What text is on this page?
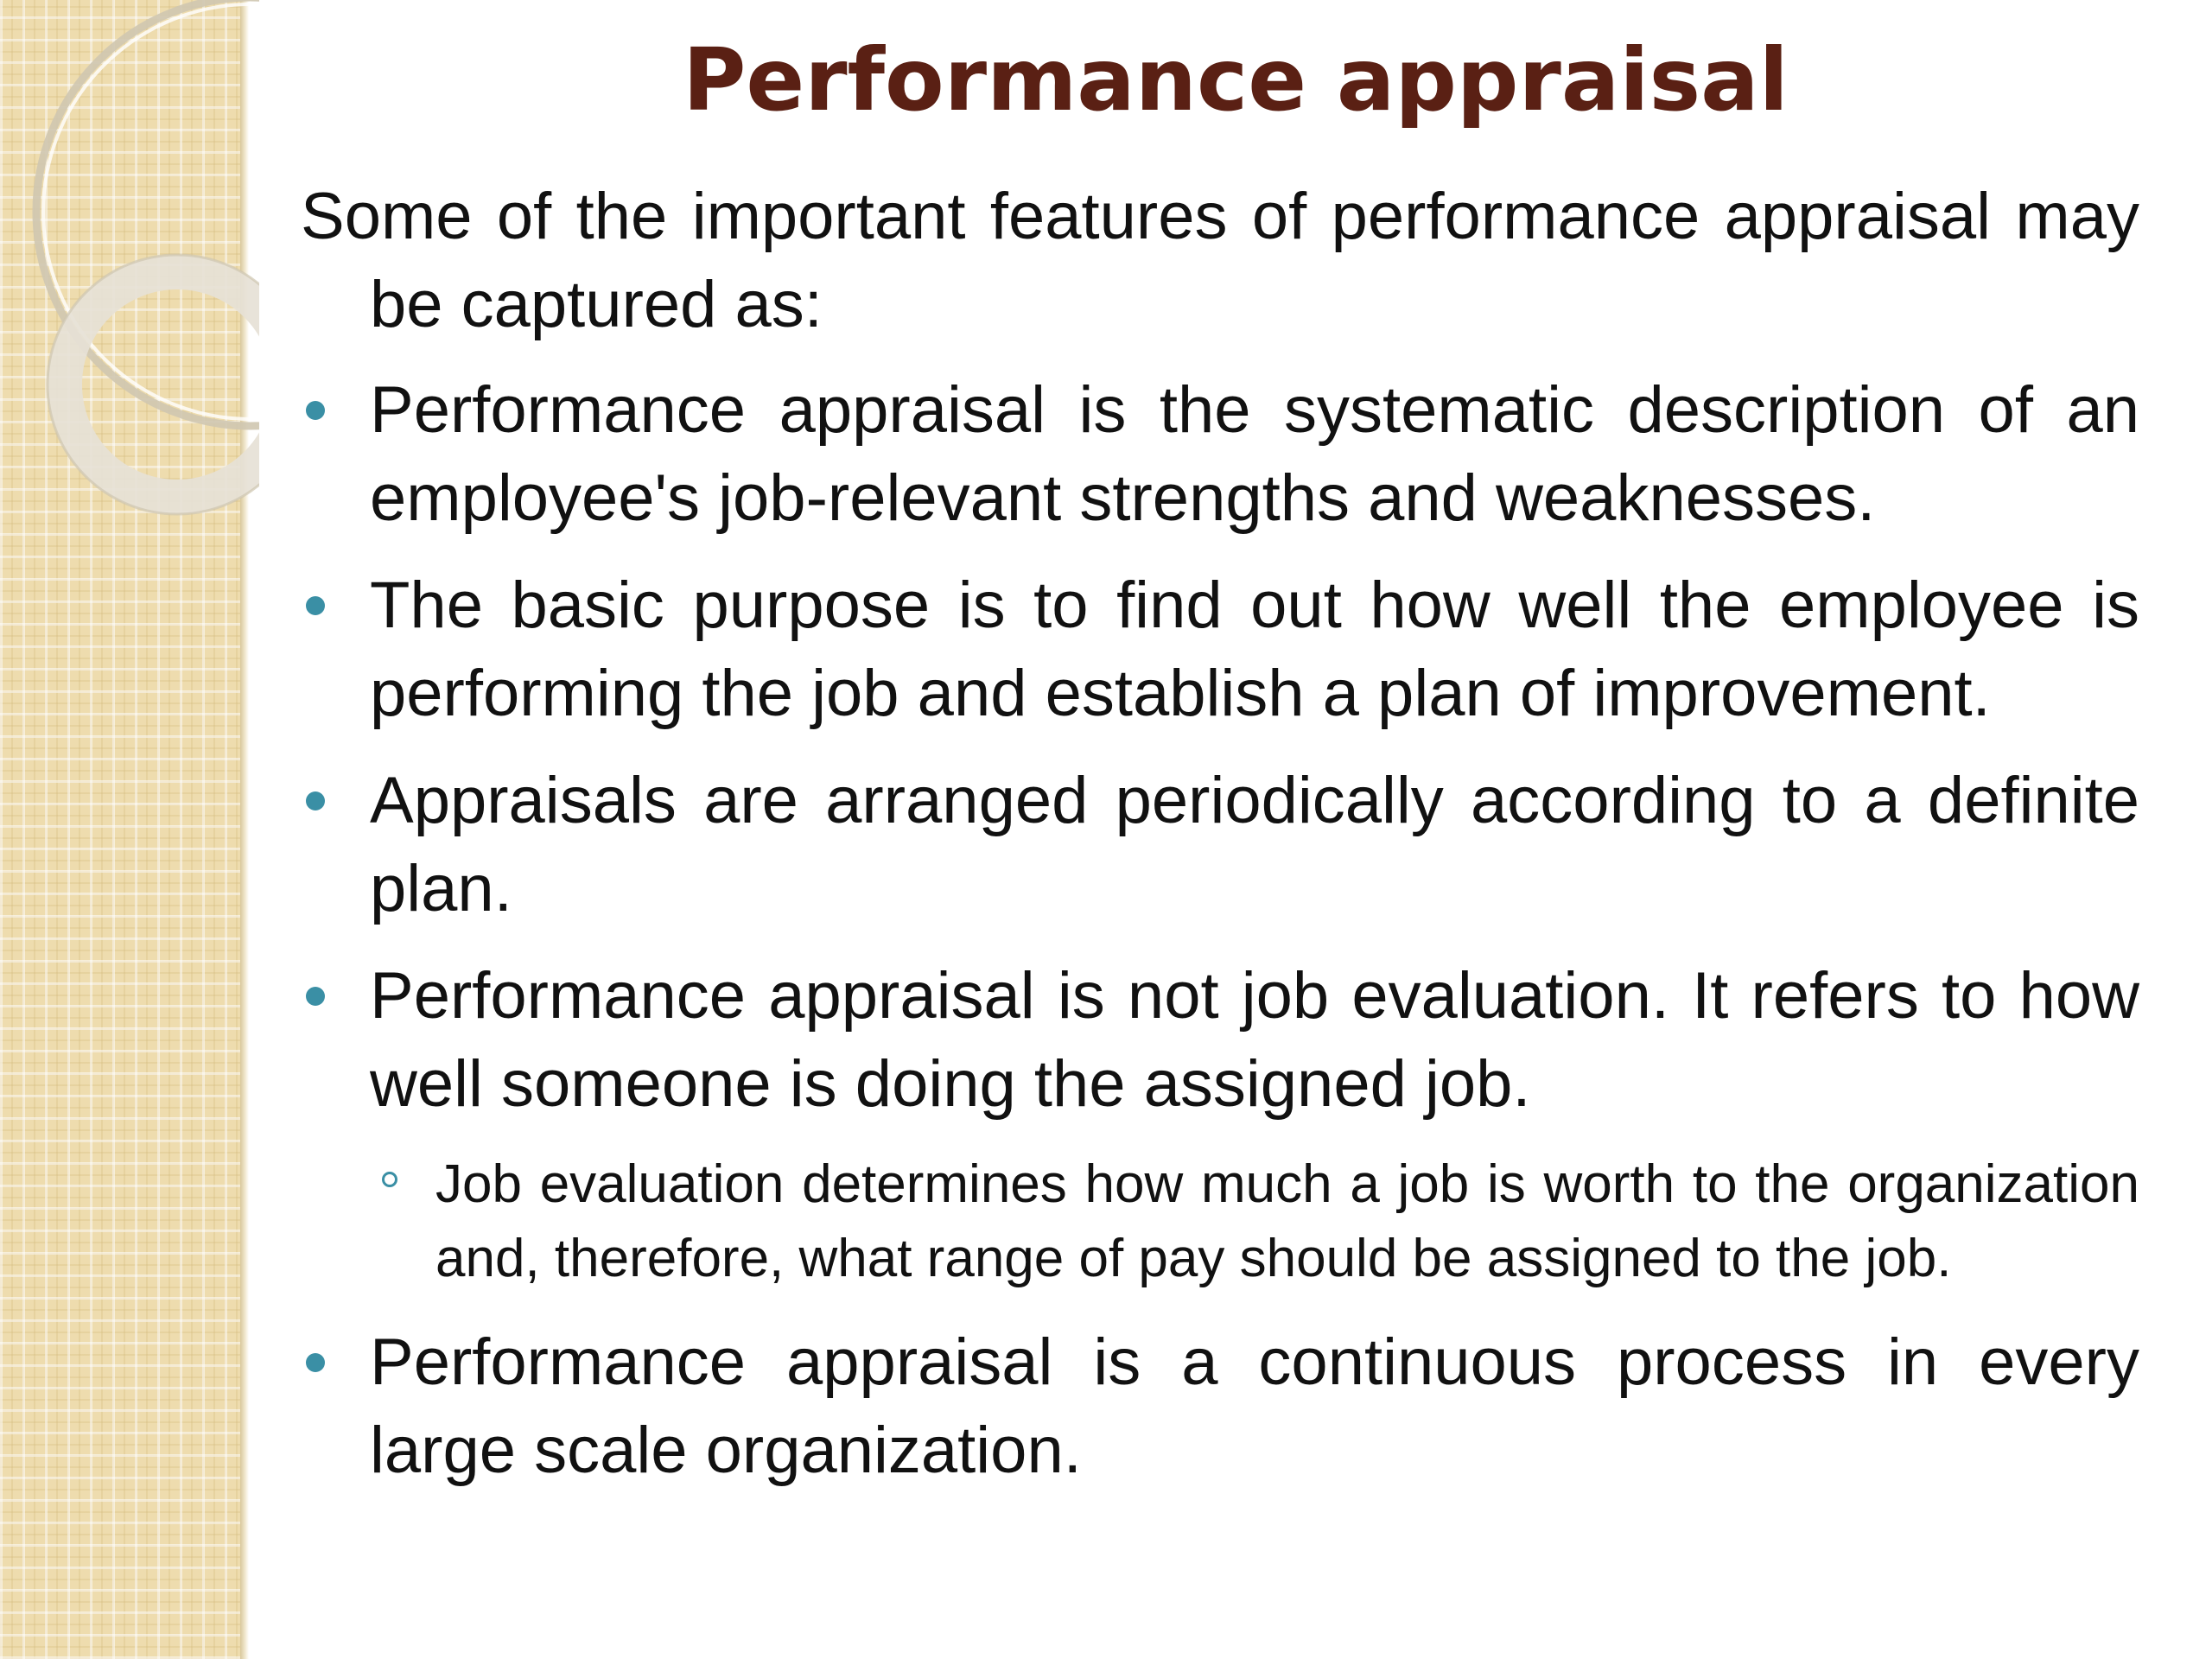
Performance appraisal

Some of the important features of performance appraisal may be captured as:

Performance appraisal is the systematic description of an employee's job-relevant strengths and weaknesses.
The basic purpose is to find out how well the employee is performing the job and establish a plan of improvement.
Appraisals are arranged periodically according to a definite plan.
Performance appraisal is not job evaluation. It refers to how well someone is doing the assigned job.
Job evaluation determines how much a job is worth to the organization and, therefore, what range of pay should be assigned to the job.
Performance appraisal is a continuous process in every large scale organization.
